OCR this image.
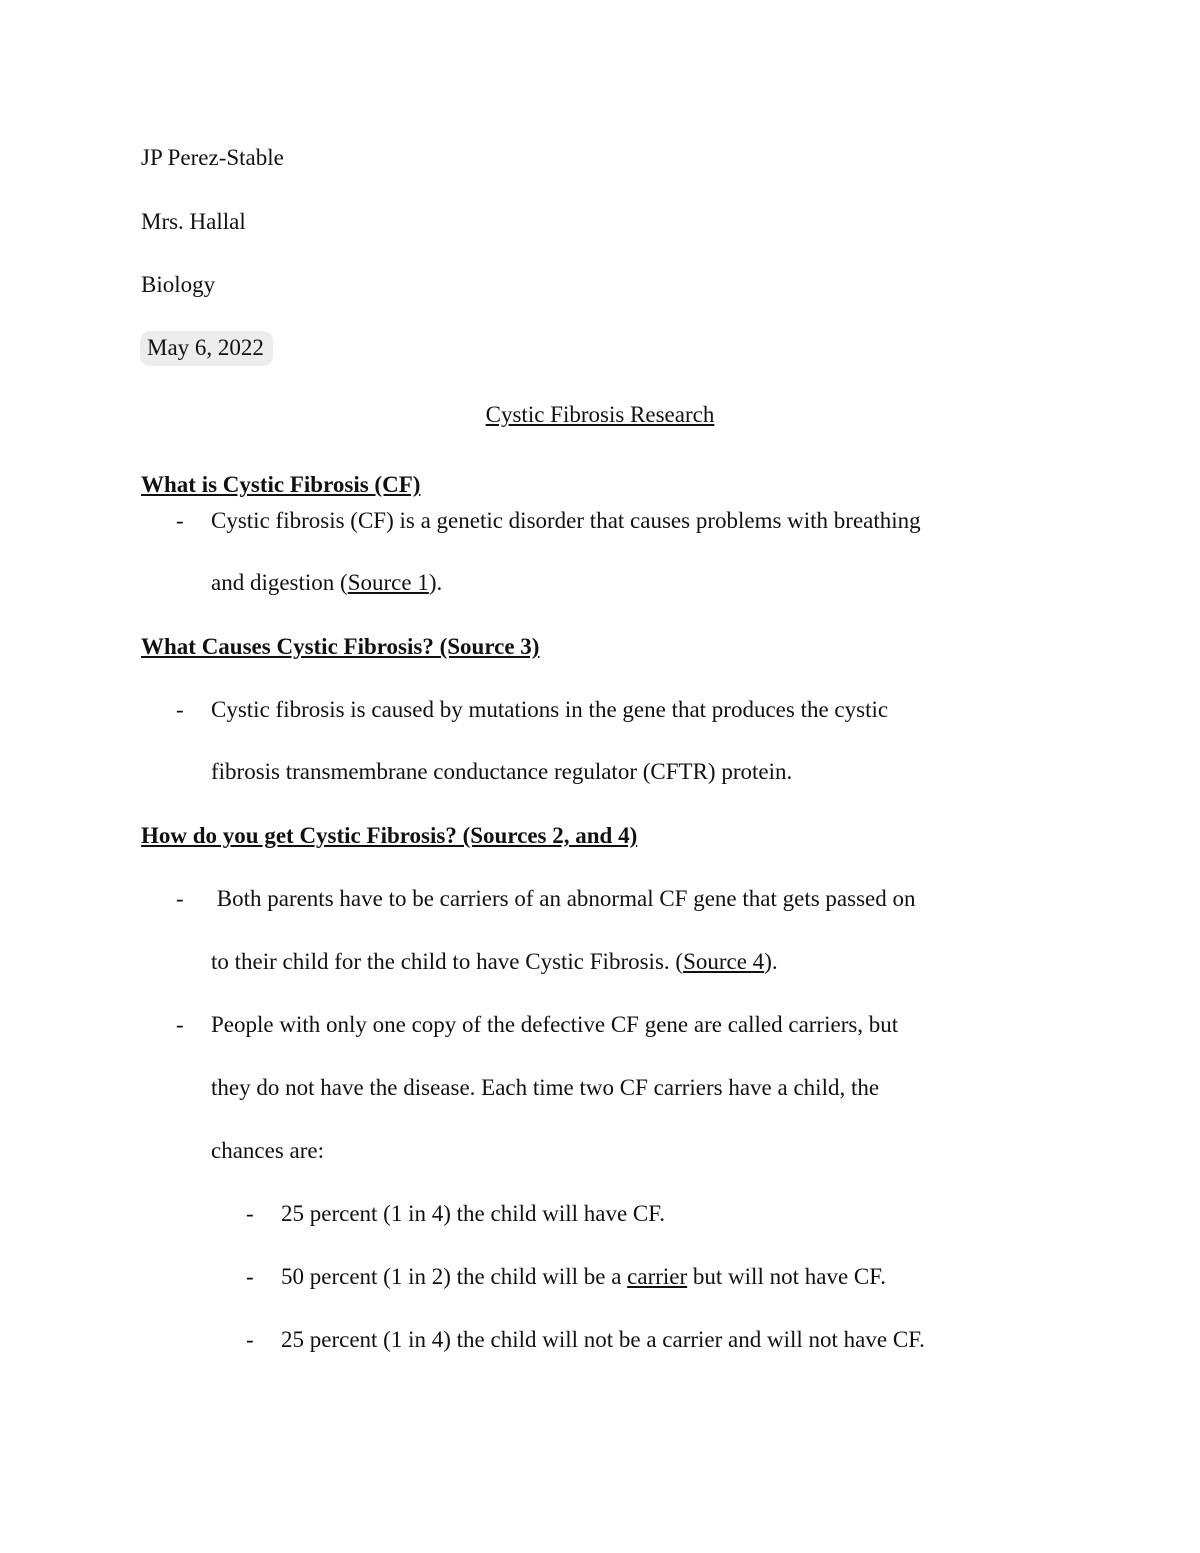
JP Perez-Stable
Mrs. Hallal
Biology
May 6, 2022
Cystic Fibrosis Research
What is Cystic Fibrosis (CF)
- Cystic fibrosis (CF) is a genetic disorder that causes problems with breathing
and digestion (Source 1).
What Causes Cystic Fibrosis? (Source 3)
- Cystic fibrosis is caused by mutations in the gene that produces the cystic
fibrosis transmembrane conductance regulator (CFTR) protein.
How do you get Cystic Fibrosis? (Sources 2, and 4)
- Both parents have to be carriers of an abnormal CF gene that gets passed on
to their child for the child to have Cystic Fibrosis. (Source 4).
- People with only one copy of the defective CF gene are called carriers, but
they do not have the disease. Each time two CF carriers have a child, the
chances are:
- 25 percent (1 in 4) the child will have CF.
- 50 percent (1 in 2) the child will be a carrier but will not have CF.
- 25 percent (1 in 4) the child will not be a carrier and will not have CF.
